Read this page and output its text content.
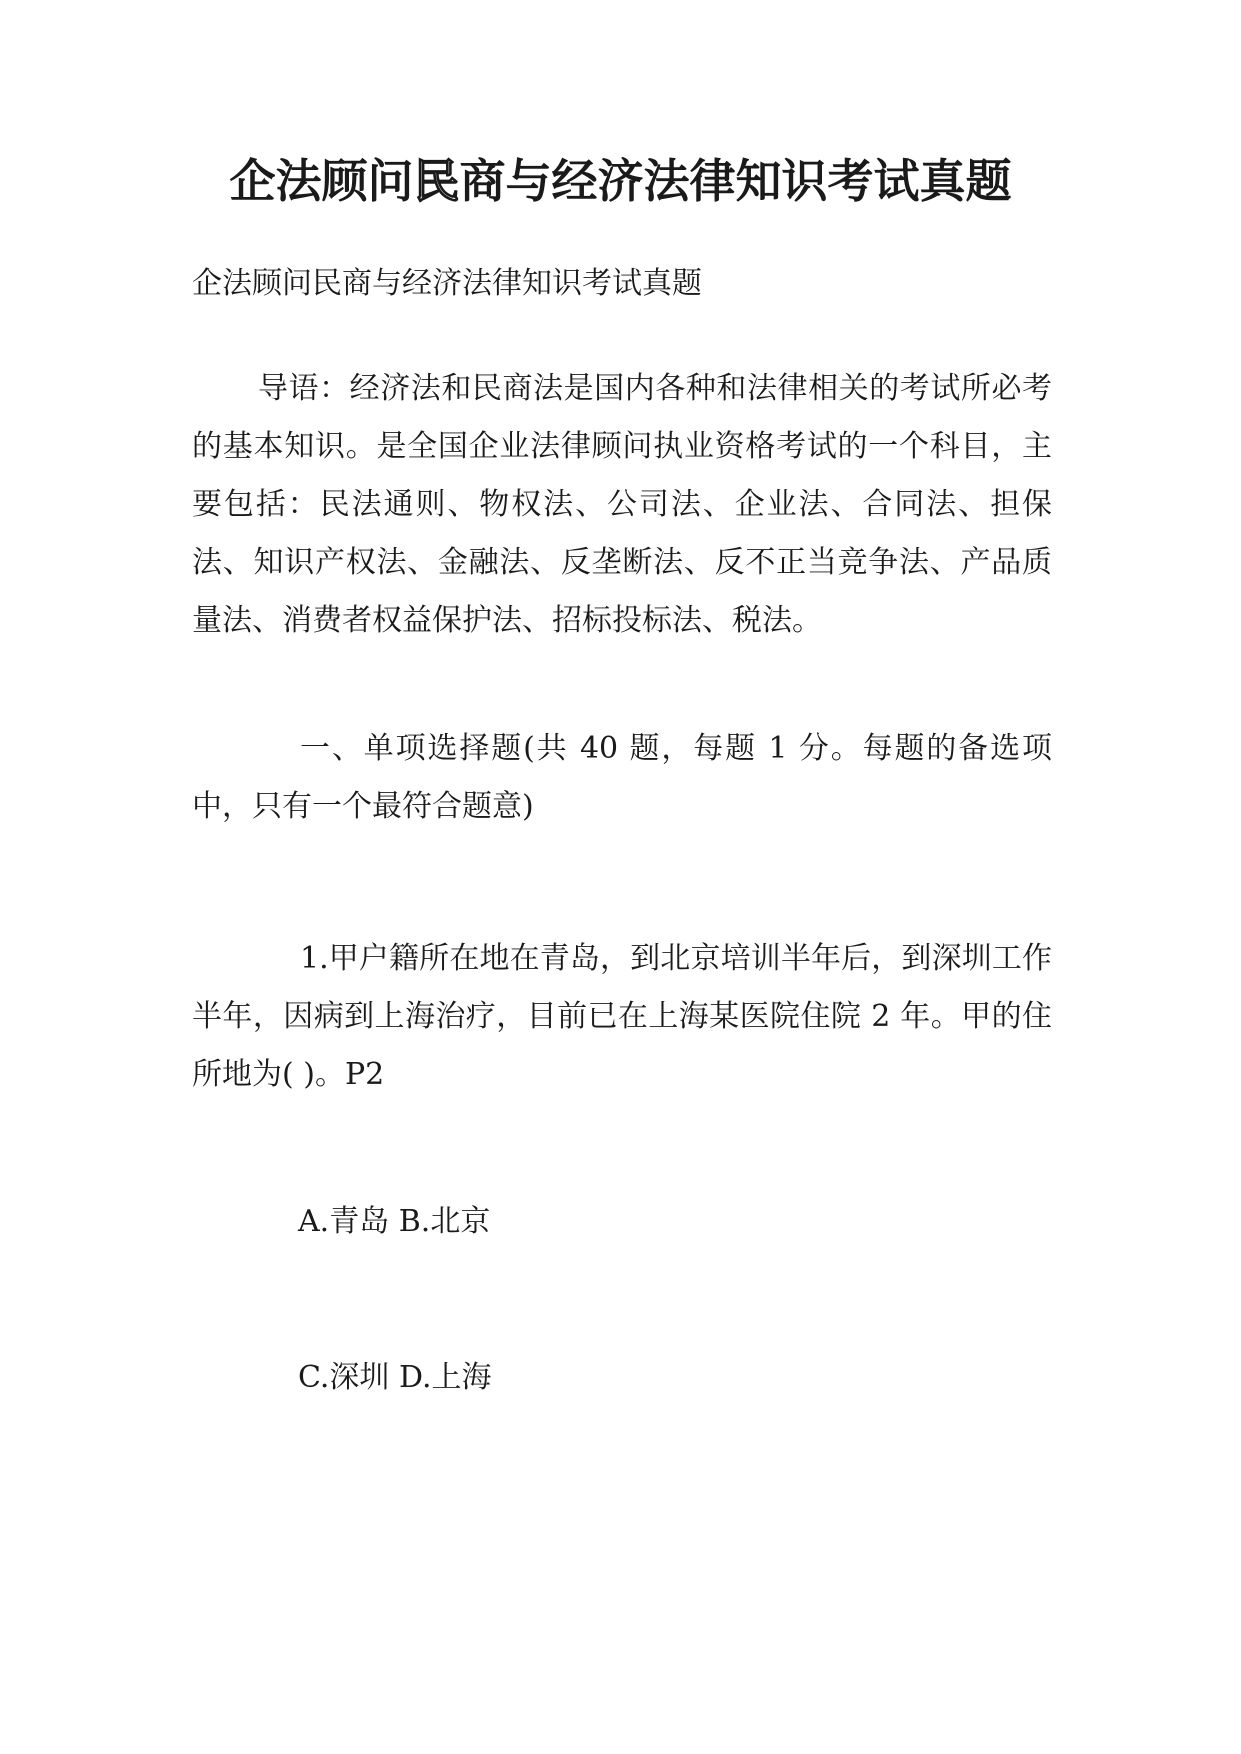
企法顾问民商与经济法律知识考试真题

企法顾问民商与经济法律知识考试真题

导语：经济法和民商法是国内各种和法律相关的考试所必考的基本知识。是全国企业法律顾问执业资格考试的一个科目，主要包括：民法通则、物权法、公司法、企业法、合同法、担保法、知识产权法、金融法、反垄断法、反不正当竞争法、产品质量法、消费者权益保护法、招标投标法、税法。

一、单项选择题(共 40 题，每题 1 分。每题的备选项中，只有一个最符合题意)

1.甲户籍所在地在青岛，到北京培训半年后，到深圳工作半年，因病到上海治疗，目前已在上海某医院住院 2 年。甲的住所地为( )。P2

A.青岛 B.北京
C.深圳 D.上海
